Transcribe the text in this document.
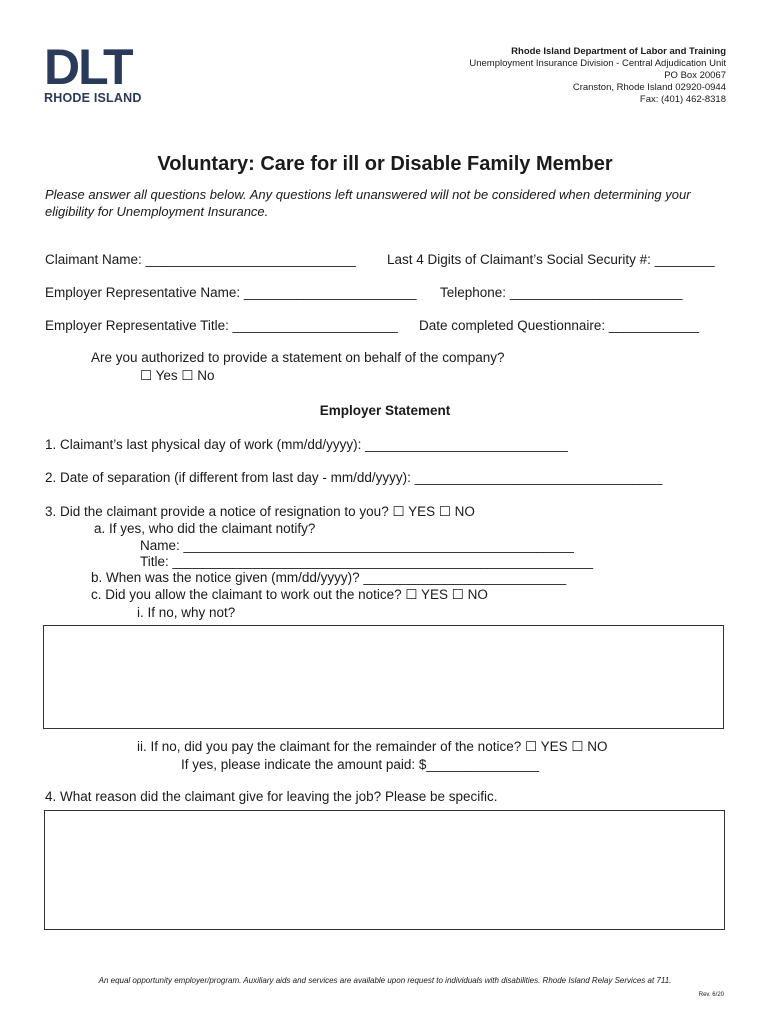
DLT
RHODE ISLAND
Rhode Island Department of Labor and Training
Unemployment Insurance Division - Central Adjudication Unit
PO Box 20067
Cranston, Rhode Island 02920-0944
Fax: (401) 462-8318
Voluntary: Care for ill or Disable Family Member
Please answer all questions below. Any questions left unanswered will not be considered when determining your eligibility for Unemployment Insurance.
Claimant Name: ____________________________ Last 4 Digits of Claimant’s Social Security #: ________
Employer Representative Name: _______________________ Telephone: _______________________
Employer Representative Title: ______________________ Date completed Questionnaire: ____________
Are you authorized to provide a statement on behalf of the company?
☐ Yes ☐ No
Employer Statement
1. Claimant’s last physical day of work (mm/dd/yyyy): ___________________________
2. Date of separation (if different from last day - mm/dd/yyyy): _________________________________
3. Did the claimant provide a notice of resignation to you? ☐ YES ☐ NO
a. If yes, who did the claimant notify?
Name: ____________________________________________________
Title: ________________________________________________________
b. When was the notice given (mm/dd/yyyy)? ___________________________
c. Did you allow the claimant to work out the notice? ☐ YES ☐ NO
i. If no, why not?
ii. If no, did you pay the claimant for the remainder of the notice? ☐ YES ☐ NO
If yes, please indicate the amount paid: $_______________
4. What reason did the claimant give for leaving the job? Please be specific.
An equal opportunity employer/program. Auxiliary aids and services are available upon request to individuals with disabilities. Rhode Island Relay Services at 711.
Rev. 6/20
